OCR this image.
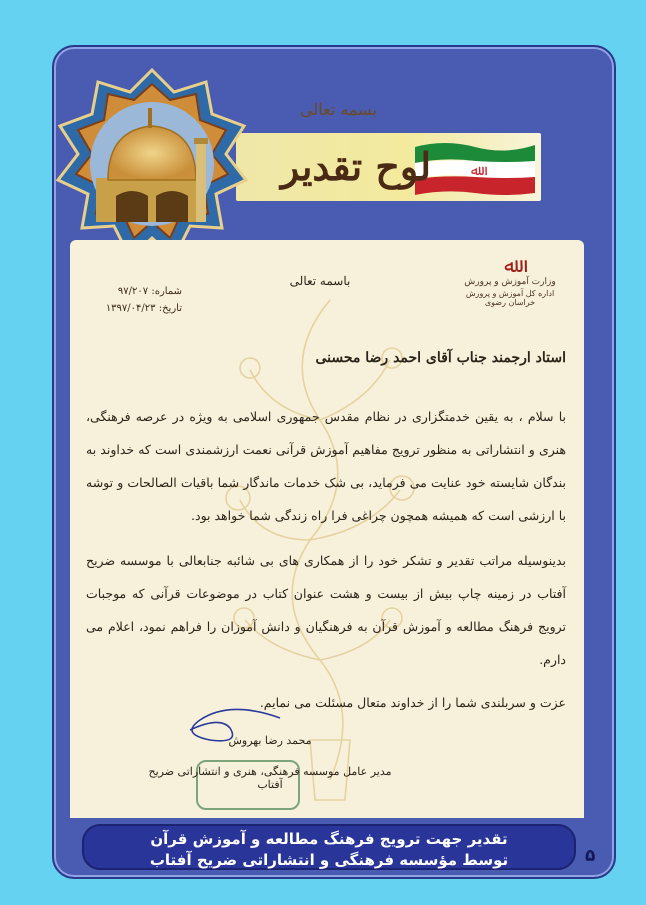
ﷲ
لوح تقدیر
بسمه تعالی
ﷲ
وزارت آموزش و پرورش
اداره کل آموزش و پرورش خراسان رضوی
شماره: ۹۷/۲۰۷
تاریخ: ۱۳۹۷/۰۴/۲۳
باسمه تعالی
استاد ارجمند جناب آقای احمد رضا محسنی

با سلام ، به یقین خدمتگزاری در نظام مقدس جمهوری اسلامی به ویژه در عرصه فرهنگی، هنری و انتشاراتی به منظور ترویج مفاهیم آموزش قرآنی نعمت ارزشمندی است که خداوند به بندگان شایسته خود عنایت می فرماید، بی شک خدمات ماندگار شما باقیات الصالحات و توشه با ارزشی است که همیشه همچون چراغی فرا راه زندگی شما خواهد بود.

بدینوسیله مراتب تقدیر و تشکر خود را از همکاری های بی شائبه جنابعالی با موسسه ضریح آفتاب در زمینه چاپ بیش از بیست و هشت عنوان کتاب در موضوعات قرآنی که موجبات ترویج فرهنگ مطالعه و آموزش قرآن به فرهنگیان و دانش آموزان را فراهم نمود، اعلام می دارم.

عزت و سربلندی شما را از خداوند متعال مسئلت می نمایم.
محمد رضا بهروش
مدیر عامل موسسه فرهنگی، هنری و انتشاراتی ضریح آفتاب
تقدیر جهت ترویج فرهنگ مطالعه و آموزش قرآن
توسط مؤسسه فرهنگی و انتشاراتی ضریح آفتاب	۵
